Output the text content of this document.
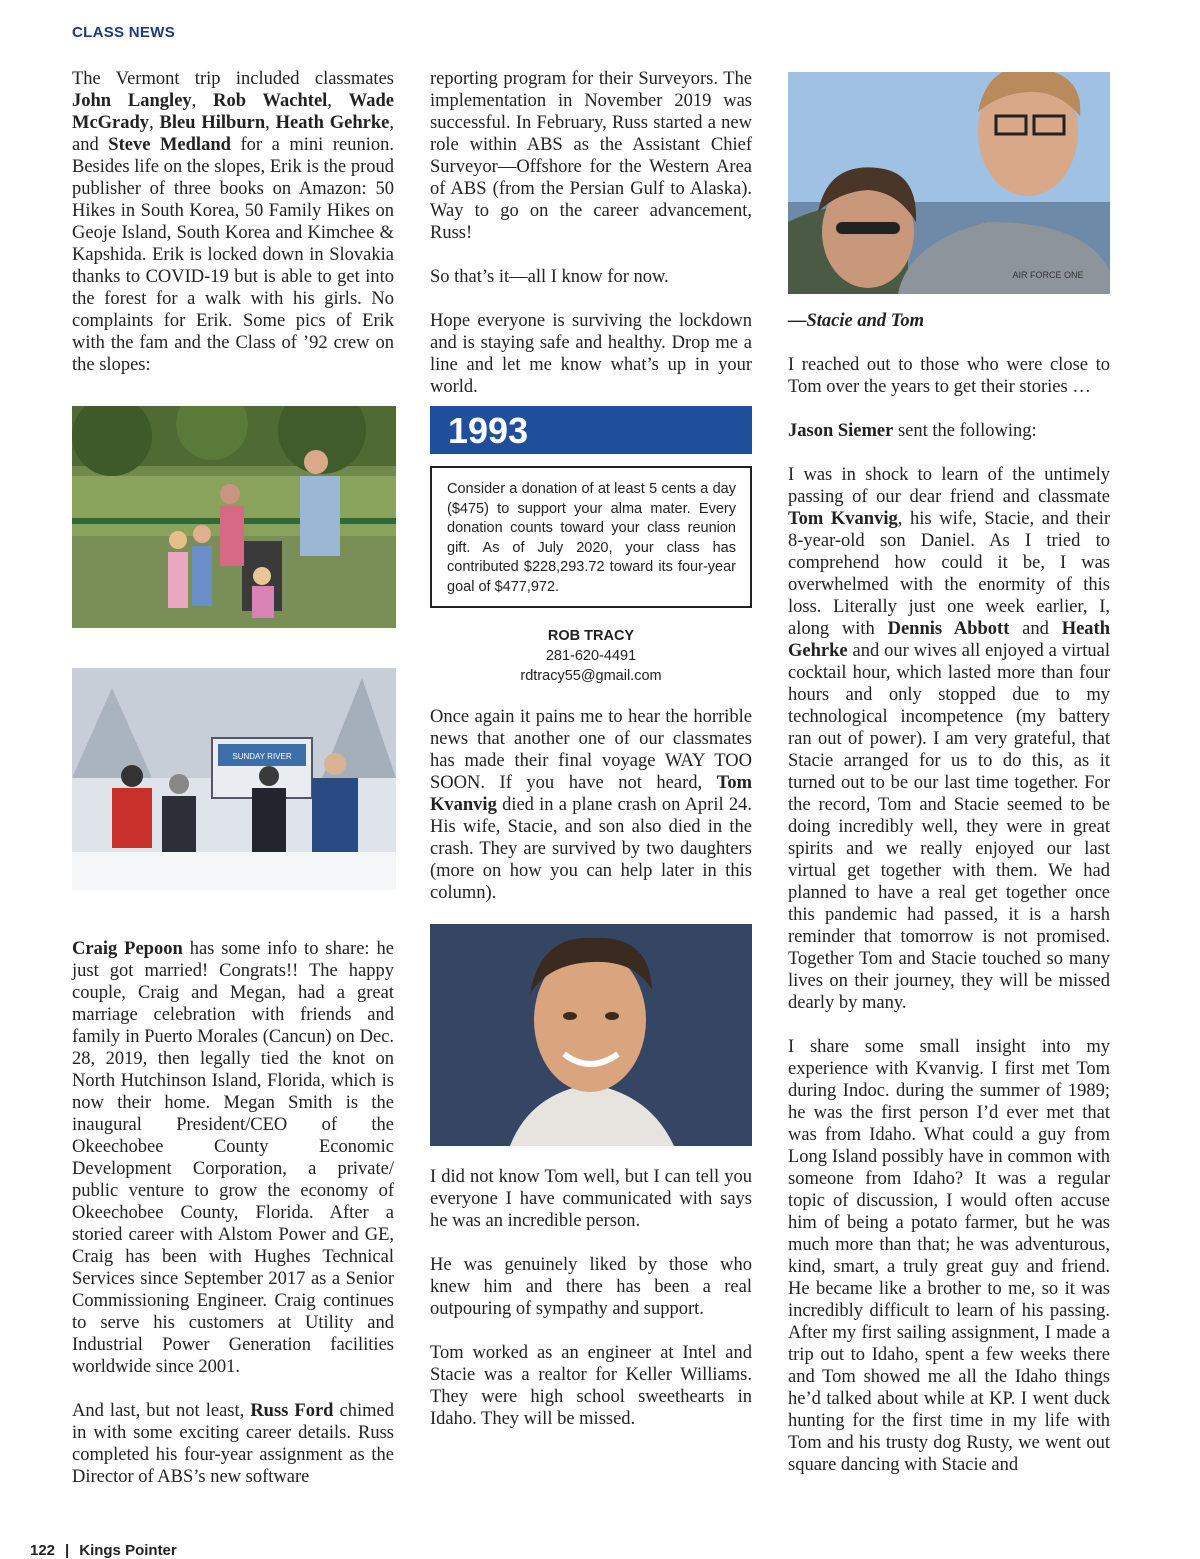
CLASS NEWS

The Vermont trip included classmates John Langley, Rob Wachtel, Wade McGrady, Bleu Hilburn, Heath Gehrke, and Steve Medland for a mini reunion. Besides life on the slopes, Erik is the proud publisher of three books on Amazon: 50 Hikes in South Korea, 50 Family Hikes on Geoje Island, South Korea and Kimchee & Kapshida. Erik is locked down in Slovakia thanks to COVID-19 but is able to get into the forest for a walk with his girls. No complaints for Erik. Some pics of Erik with the fam and the Class of ’92 crew on the slopes:

SUNDAY RIVER

Craig Pepoon has some info to share: he just got married! Congrats!! The happy couple, Craig and Megan, had a great marriage celebration with friends and family in Puerto Morales (Cancun) on Dec. 28, 2019, then legally tied the knot on North Hutchinson Island, Florida, which is now their home. Megan Smith is the inaugural President/CEO of the Okeechobee County Economic Development Corporation, a private/ public venture to grow the economy of Okeechobee County, Florida. After a storied career with Alstom Power and GE, Craig has been with Hughes Technical Services since September 2017 as a Senior Commissioning Engineer. Craig continues to serve his customers at Utility and Industrial Power Generation facilities worldwide since 2001.

And last, but not least, Russ Ford chimed in with some exciting career details. Russ completed his four-year assignment as the Director of ABS’s new software

reporting program for their Surveyors. The implementation in November 2019 was successful. In February, Russ started a new role within ABS as the Assistant Chief Surveyor—Offshore for the Western Area of ABS (from the Persian Gulf to Alaska). Way to go on the career advancement, Russ!

So that’s it—all I know for now.

Hope everyone is surviving the lockdown and is staying safe and healthy. Drop me a line and let me know what’s up in your world.

1993
Consider a donation of at least 5 cents a day ($475) to support your alma mater. Every donation counts toward your class reunion gift. As of July 2020, your class has contributed $228,293.72 toward its four-year goal of $477,972.
ROB TRACY
281-620-4491
rdtracy55@gmail.com

Once again it pains me to hear the horrible news that another one of our classmates has made their final voyage WAY TOO SOON. If you have not heard, Tom Kvanvig died in a plane crash on April 24. His wife, Stacie, and son also died in the crash. They are survived by two daughters (more on how you can help later in this column).

I did not know Tom well, but I can tell you everyone I have communicated with says he was an incredible person.

He was genuinely liked by those who knew him and there has been a real outpouring of sympathy and support.

Tom worked as an engineer at Intel and Stacie was a realtor for Keller Williams. They were high school sweethearts in Idaho. They will be missed.

AIR FORCE ONE

—Stacie and Tom

I reached out to those who were close to Tom over the years to get their stories …

Jason Siemer sent the following:

I was in shock to learn of the untimely passing of our dear friend and classmate Tom Kvanvig, his wife, Stacie, and their 8-year-old son Daniel. As I tried to comprehend how could it be, I was overwhelmed with the enormity of this loss. Literally just one week earlier, I, along with Dennis Abbott and Heath Gehrke and our wives all enjoyed a virtual cocktail hour, which lasted more than four hours and only stopped due to my technological incompetence (my battery ran out of power). I am very grateful, that Stacie arranged for us to do this, as it turned out to be our last time together. For the record, Tom and Stacie seemed to be doing incredibly well, they were in great spirits and we really enjoyed our last virtual get together with them. We had planned to have a real get together once this pandemic had passed, it is a harsh reminder that tomorrow is not promised. Together Tom and Stacie touched so many lives on their journey, they will be missed dearly by many.

I share some small insight into my experience with Kvanvig. I first met Tom during Indoc. during the summer of 1989; he was the first person I’d ever met that was from Idaho. What could a guy from Long Island possibly have in common with someone from Idaho? It was a regular topic of discussion, I would often accuse him of being a potato farmer, but he was much more than that; he was adventurous, kind, smart, a truly great guy and friend. He became like a brother to me, so it was incredibly difficult to learn of his passing. After my first sailing assignment, I made a trip out to Idaho, spent a few weeks there and Tom showed me all the Idaho things he’d talked about while at KP. I went duck hunting for the first time in my life with Tom and his trusty dog Rusty, we went out square dancing with Stacie and

122 | Kings Pointer
